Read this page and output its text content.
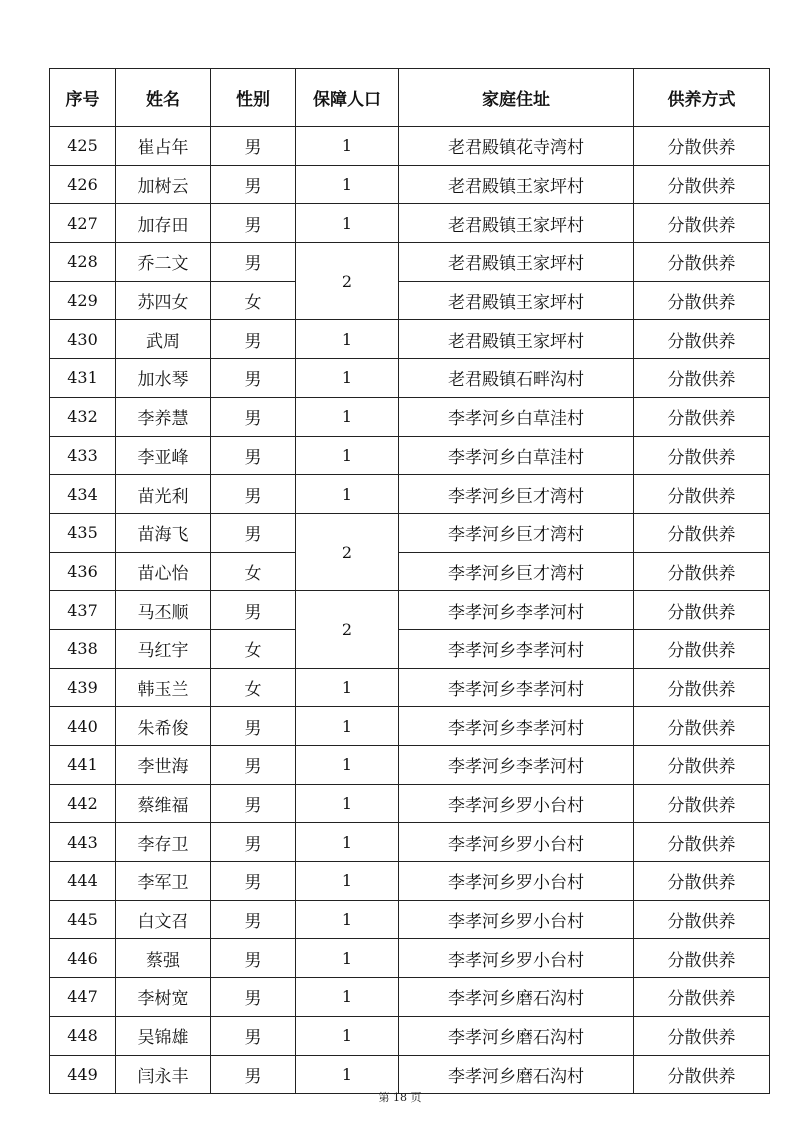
序号	姓名	性别	保障人口	家庭住址	供养方式
425	崔占年	男	1	老君殿镇花寺湾村	分散供养
426	加树云	男	1	老君殿镇王家坪村	分散供养
427	加存田	男	1	老君殿镇王家坪村	分散供养
428	乔二文	男	2	老君殿镇王家坪村	分散供养
429	苏四女	女		老君殿镇王家坪村	分散供养
430	武周	男	1	老君殿镇王家坪村	分散供养
431	加水琴	男	1	老君殿镇石畔沟村	分散供养
432	李养慧	男	1	李孝河乡白草洼村	分散供养
433	李亚峰	男	1	李孝河乡白草洼村	分散供养
434	苗光利	男	1	李孝河乡巨才湾村	分散供养
435	苗海飞	男	2	李孝河乡巨才湾村	分散供养
436	苗心怡	女		李孝河乡巨才湾村	分散供养
437	马丕顺	男	2	李孝河乡李孝河村	分散供养
438	马红宇	女		李孝河乡李孝河村	分散供养
439	韩玉兰	女	1	李孝河乡李孝河村	分散供养
440	朱希俊	男	1	李孝河乡李孝河村	分散供养
441	李世海	男	1	李孝河乡李孝河村	分散供养
442	蔡维福	男	1	李孝河乡罗小台村	分散供养
443	李存卫	男	1	李孝河乡罗小台村	分散供养
444	李军卫	男	1	李孝河乡罗小台村	分散供养
445	白文召	男	1	李孝河乡罗小台村	分散供养
446	蔡强	男	1	李孝河乡罗小台村	分散供养
447	李树宽	男	1	李孝河乡磨石沟村	分散供养
448	吴锦雄	男	1	李孝河乡磨石沟村	分散供养
449	闫永丰	男	1	李孝河乡磨石沟村	分散供养
第 18 页
